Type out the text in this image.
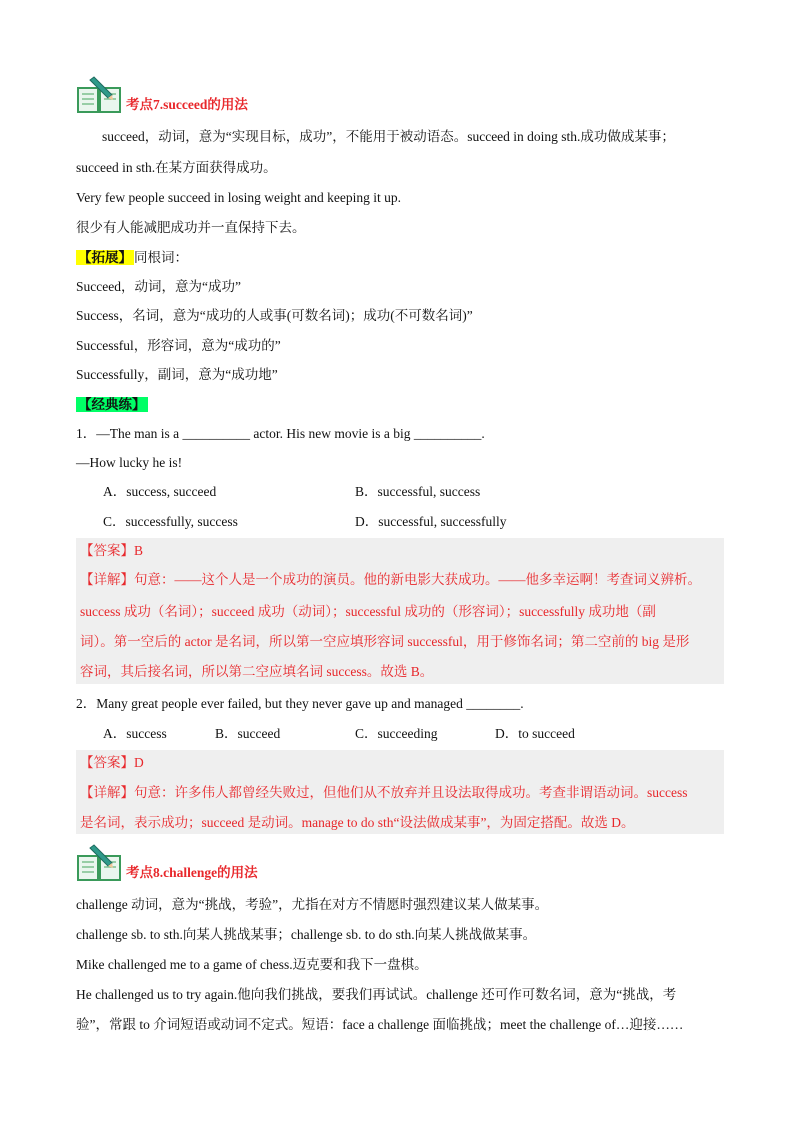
考点7.succeed的用法
succeed，动词，意为“实现目标，成功”，不能用于被动语态。succeed in doing sth.成功做成某事；
succeed in sth.在某方面获得成功。
Very few people succeed in losing weight and keeping it up.
很少有人能减肥成功并一直保持下去。
【拓展】 同根词：
Succeed，动词，意为“成功”
Success，名词，意为“成功的人或事(可数名词)；成功(不可数名词)”
Successful，形容词，意为“成功的”
Successfully，副词，意为“成功地”
【经典练】
1．—The man is a __________ actor. His new movie is a big __________.
—How lucky he is!
A．success, succeed	B．successful, success
C．successfully, success	D．successful, successfully
【答案】B
【详解】句意：——这个人是一个成功的演员。他的新电影大获成功。——他多幸运啊！考查词义辨析。
success 成功（名词）；succeed 成功（动词）；successful 成功的（形容词）；successfully 成功地（副
词）。第一空后的 actor 是名词，所以第一空应填形容词 successful，用于修饰名词；第二空前的 big 是形
容词，其后接名词，所以第二空应填名词 success。故选 B。
2．Many great people ever failed, but they never gave up and managed ________.
A．success	B．succeed	C．succeeding	D．to succeed
【答案】D
【详解】句意：许多伟人都曾经失败过，但他们从不放弃并且设法取得成功。考查非谓语动词。success
是名词，表示成功；succeed 是动词。manage to do sth“设法做成某事”，为固定搭配。故选 D。
考点8.challenge的用法
challenge 动词，意为“挑战，考验”，尤指在对方不情愿时强烈建议某人做某事。
challenge sb. to sth.向某人挑战某事；challenge sb. to do sth.向某人挑战做某事。
Mike challenged me to a game of chess.迈克要和我下一盘棋。
He challenged us to try again.他向我们挑战，要我们再试试。challenge 还可作可数名词，意为“挑战，考
验”，常跟 to 介词短语或动词不定式。短语：face a challenge 面临挑战；meet the challenge of…迎接……
